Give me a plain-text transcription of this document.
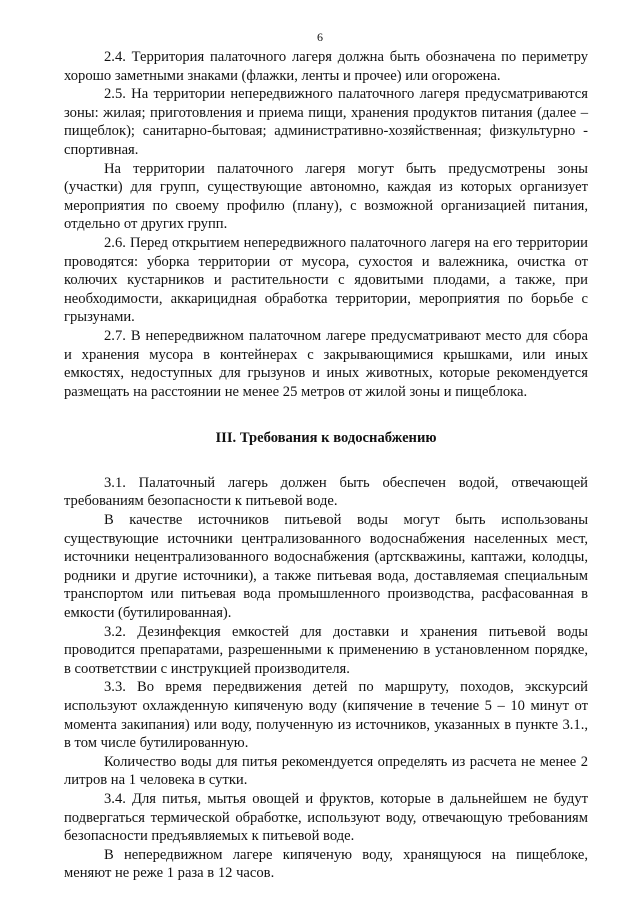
6

2.4. Территория палаточного лагеря должна быть обозначена по периметру хорошо заметными знаками (флажки, ленты и прочее) или огорожена.

2.5. На территории непередвижного палаточного лагеря предусматриваются зоны: жилая; приготовления и приема пищи, хранения продуктов питания (далее – пищеблок); санитарно-бытовая; административно-хозяйственная; физкультурно - спортивная.

На территории палаточного лагеря могут быть предусмотрены зоны (участки) для групп, существующие автономно, каждая из которых организует мероприятия по своему профилю (плану), с возможной организацией питания, отдельно от других групп.

2.6. Перед открытием непередвижного палаточного лагеря на его территории проводятся: уборка территории от мусора, сухостоя и валежника, очистка от колючих кустарников и растительности с ядовитыми плодами, а также, при необходимости, аккарицидная обработка территории, мероприятия по борьбе с грызунами.

2.7. В непередвижном палаточном лагере предусматривают место для сбора и хранения мусора в контейнерах с закрывающимися крышками, или иных емкостях, недоступных для грызунов и иных животных, которые рекомендуется размещать на расстоянии не менее 25 метров от жилой зоны и пищеблока.

III. Требования к водоснабжению

3.1. Палаточный лагерь должен быть обеспечен водой, отвечающей требованиям безопасности к питьевой воде.

В качестве источников питьевой воды могут быть использованы существующие источники централизованного водоснабжения населенных мест, источники нецентрализованного водоснабжения (артскважины, каптажи, колодцы, родники и другие источники), а также питьевая вода, доставляемая специальным транспортом или питьевая вода промышленного производства, расфасованная в емкости (бутилированная).

3.2. Дезинфекция емкостей для доставки и хранения питьевой воды проводится препаратами, разрешенными к применению в установленном порядке, в соответствии с инструкцией производителя.

3.3. Во время передвижения детей по маршруту, походов, экскурсий используют охлажденную кипяченую воду (кипячение в течение 5 – 10 минут от момента закипания) или воду, полученную из источников, указанных в пункте 3.1., в том числе бутилированную.

Количество воды для питья рекомендуется определять из расчета не менее 2 литров на 1 человека в сутки.

3.4. Для питья, мытья овощей и фруктов, которые в дальнейшем не будут подвергаться термической обработке, используют воду, отвечающую требованиям безопасности предъявляемых к питьевой воде.

В непередвижном лагере кипяченую воду, хранящуюся на пищеблоке, меняют не реже 1 раза в 12 часов.
